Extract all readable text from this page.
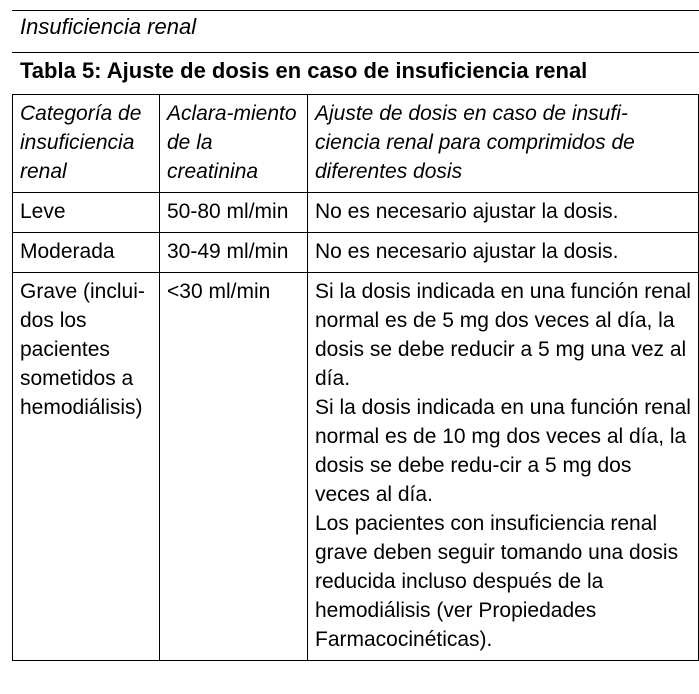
Insuficiencia renal
Tabla 5: Ajuste de dosis en caso de insuficiencia renal
Categoría de insuficiencia renal	Aclara-miento de la creatinina	Ajuste de dosis en caso de insufi-ciencia renal para comprimidos de diferentes dosis
Leve	50-80 ml/min	No es necesario ajustar la dosis.

Moderada	30-49 ml/min	No es necesario ajustar la dosis.

Grave (inclui-dos los pacientes sometidos a hemodiálisis)	<30 ml/min	Si la dosis indicada en una función renal normal es de 5 mg dos veces al día, la dosis se debe reducir a 5 mg una vez al día.
Si la dosis indicada en una función renal normal es de 10 mg dos veces al día, la dosis se debe redu-cir a 5 mg dos veces al día.
Los pacientes con insuficiencia renal grave deben seguir tomando una dosis reducida incluso después de la hemodiálisis (ver Propiedades Farmacocinéticas).
